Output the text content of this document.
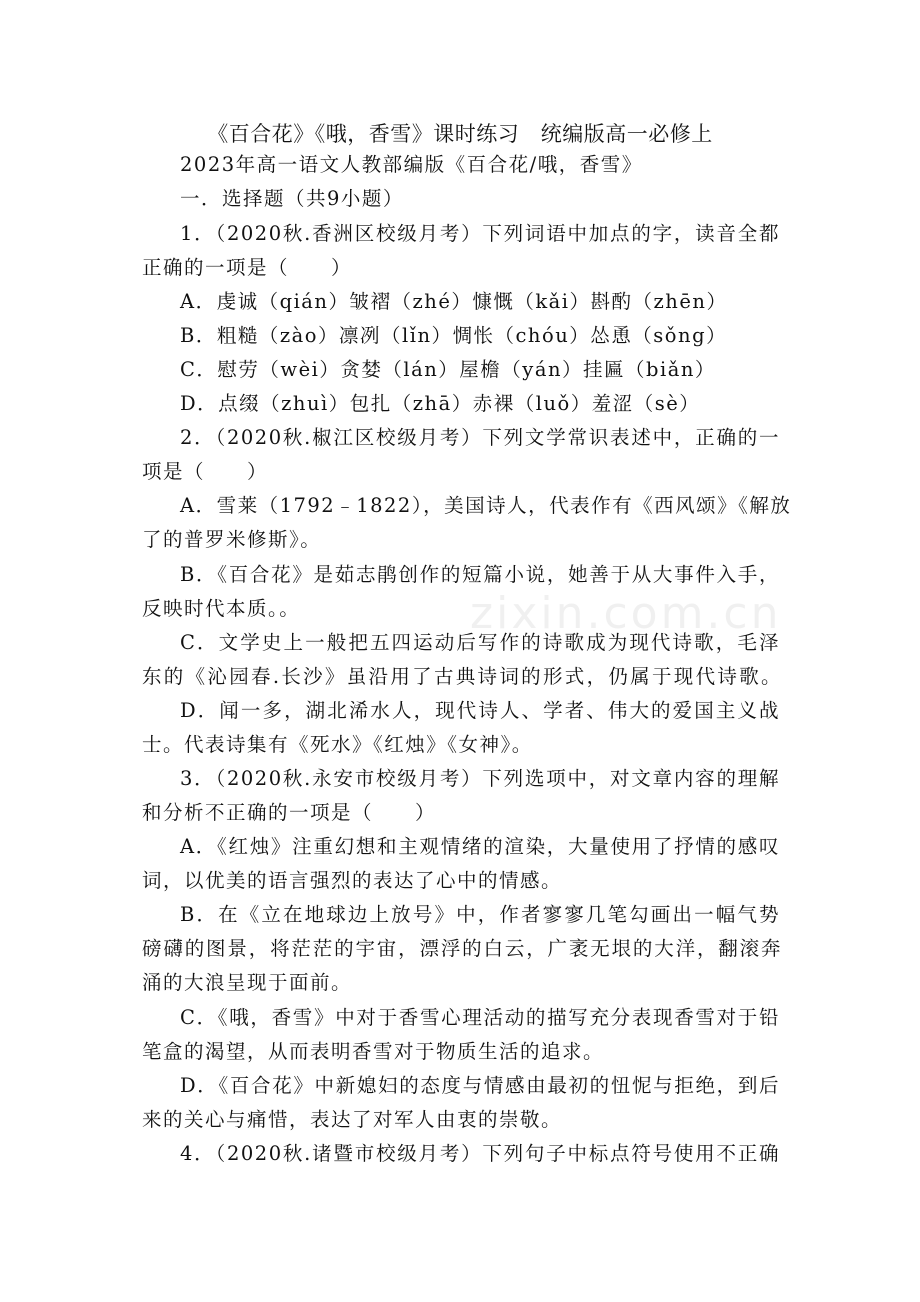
zixin.com.cn
《百合花》《哦，香雪》课时练习　统编版高一必修上
2023年高一语文人教部编版《百合花/哦，香雪》
一．选择题（共9小题）
1．（2020秋.香洲区校级月考）下列词语中加点的字，读音全都
正确的一项是（　　）
A．虔诚（qián）皱褶（zhé）慷慨（kǎi）斟酌（zhēn）
B．粗糙（zào）凛冽（lǐn）惆怅（chóu）怂恿（sǒng）
C．慰劳（wèi）贪婪（lán）屋檐（yán）挂匾（biǎn）
D．点缀（zhuì）包扎（zhā）赤裸（luǒ）羞涩（sè）
2．（2020秋.椒江区校级月考）下列文学常识表述中，正确的一
项是（　　）
A．雪莱（1792﹣1822），美国诗人，代表作有《西风颂》《解放
了的普罗米修斯》。
B．《百合花》是茹志鹃创作的短篇小说，她善于从大事件入手，
反映时代本质。。
C．文学史上一般把五四运动后写作的诗歌成为现代诗歌，毛泽
东的《沁园春.长沙》虽沿用了古典诗词的形式，仍属于现代诗歌。
D．闻一多，湖北浠水人，现代诗人、学者、伟大的爱国主义战
士。代表诗集有《死水》《红烛》《女神》。
3．（2020秋.永安市校级月考）下列选项中，对文章内容的理解
和分析不正确的一项是（　　）
A．《红烛》注重幻想和主观情绪的渲染，大量使用了抒情的感叹
词，以优美的语言强烈的表达了心中的情感。
B．在《立在地球边上放号》中，作者寥寥几笔勾画出一幅气势
磅礴的图景，将茫茫的宇宙，漂浮的白云，广袤无垠的大洋，翻滚奔
涌的大浪呈现于面前。
C．《哦，香雪》中对于香雪心理活动的描写充分表现香雪对于铅
笔盒的渴望，从而表明香雪对于物质生活的追求。
D．《百合花》中新媳妇的态度与情感由最初的忸怩与拒绝，到后
来的关心与痛惜，表达了对军人由衷的崇敬。
4．（2020秋.诸暨市校级月考）下列句子中标点符号使用不正确
